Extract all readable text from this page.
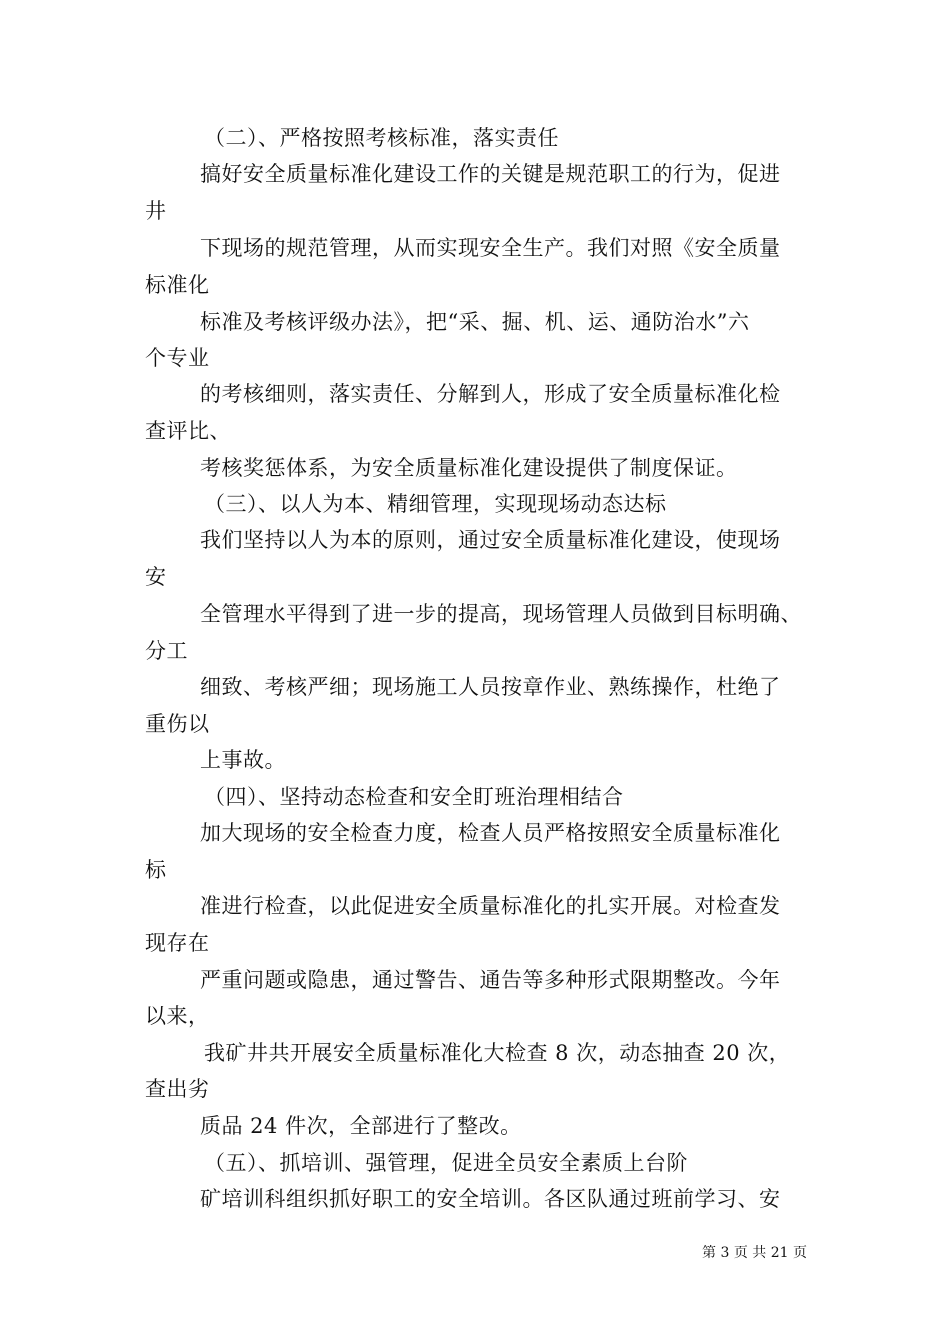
（二）、严格按照考核标准，落实责任
搞好安全质量标准化建设工作的关键是规范职工的行为，促进
井
下现场的规范管理，从而实现安全生产。我们对照《安全质量
标准化
标准及考核评级办法》，把“采、掘、机、运、通防治水”六
个专业
的考核细则，落实责任、分解到人，形成了安全质量标准化检
查评比、
考核奖惩体系，为安全质量标准化建设提供了制度保证。
（三）、以人为本、精细管理，实现现场动态达标
我们坚持以人为本的原则，通过安全质量标准化建设，使现场
安
全管理水平得到了进一步的提高，现场管理人员做到目标明确、
分工
细致、考核严细；现场施工人员按章作业、熟练操作，杜绝了
重伤以
上事故。
（四）、坚持动态检查和安全盯班治理相结合
加大现场的安全检查力度，检查人员严格按照安全质量标准化
标
准进行检查，以此促进安全质量标准化的扎实开展。对检查发
现存在
严重问题或隐患，通过警告、通告等多种形式限期整改。今年
以来，
我矿井共开展安全质量标准化大检查 8 次，动态抽查 20 次，
查出劣
质品 24 件次，全部进行了整改。
（五）、抓培训、强管理，促进全员安全素质上台阶
矿培训科组织抓好职工的安全培训。各区队通过班前学习、安
第 3 页 共 21 页
